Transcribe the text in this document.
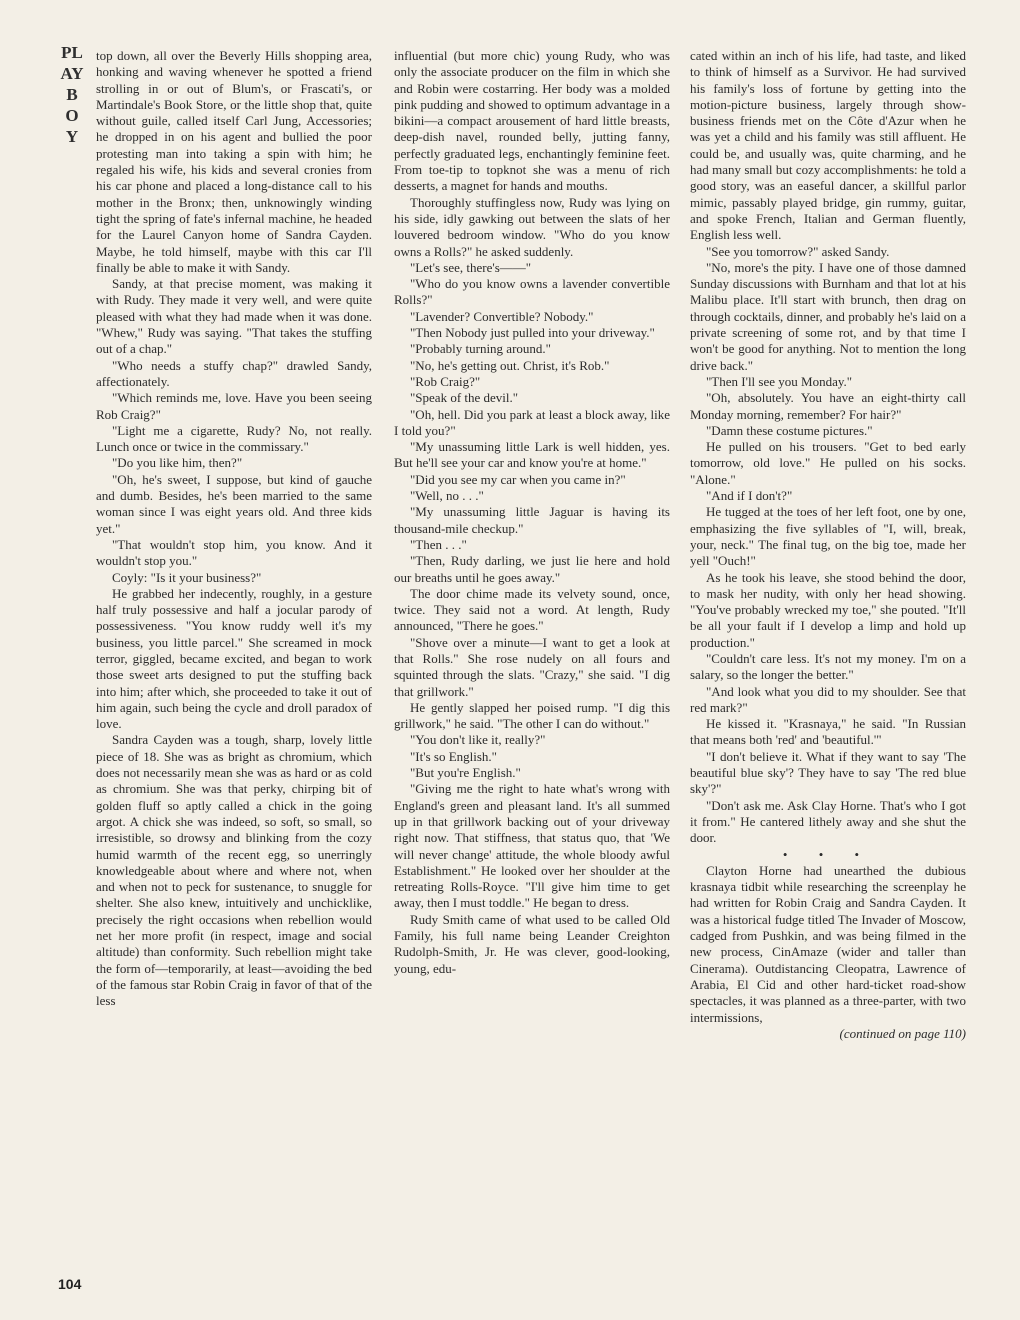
PLAYBOY

top down, all over the Beverly Hills shopping area, honking and waving whenever he spotted a friend strolling in or out of Blum's, or Frascati's, or Martindale's Book Store, or the little shop that, quite without guile, called itself Carl Jung, Accessories; he dropped in on his agent and bullied the poor protesting man into taking a spin with him; he regaled his wife, his kids and several cronies from his car phone and placed a long-distance call to his mother in the Bronx; then, unknowingly winding tight the spring of fate's infernal machine, he headed for the Laurel Canyon home of Sandra Cayden. Maybe, he told himself, maybe with this car I'll finally be able to make it with Sandy.

Sandy, at that precise moment, was making it with Rudy. They made it very well, and were quite pleased with what they had made when it was done. "Whew," Rudy was saying. "That takes the stuffing out of a chap."

"Who needs a stuffy chap?" drawled Sandy, affectionately.

"Which reminds me, love. Have you been seeing Rob Craig?"

"Light me a cigarette, Rudy? No, not really. Lunch once or twice in the commissary."

"Do you like him, then?"

"Oh, he's sweet, I suppose, but kind of gauche and dumb. Besides, he's been married to the same woman since I was eight years old. And three kids yet."

"That wouldn't stop him, you know. And it wouldn't stop you."

Coyly: "Is it your business?"

He grabbed her indecently, roughly, in a gesture half truly possessive and half a jocular parody of possessiveness. "You know ruddy well it's my business, you little parcel." She screamed in mock terror, giggled, became excited, and began to work those sweet arts designed to put the stuffing back into him; after which, she proceeded to take it out of him again, such being the cycle and droll paradox of love.

Sandra Cayden was a tough, sharp, lovely little piece of 18. She was as bright as chromium, which does not necessarily mean she was as hard or as cold as chromium. She was that perky, chirping bit of golden fluff so aptly called a chick in the going argot. A chick she was indeed, so soft, so small, so irresistible, so drowsy and blinking from the cozy humid warmth of the recent egg, so unerringly knowledgeable about where and where not, when and when not to peck for sustenance, to snuggle for shelter. She also knew, intuitively and unchicklike, precisely the right occasions when rebellion would net her more profit (in respect, image and social altitude) than conformity. Such rebellion might take the form of—temporarily, at least—avoiding the bed of the famous star Robin Craig in favor of that of the less

influential (but more chic) young Rudy, who was only the associate producer on the film in which she and Robin were costarring. Her body was a molded pink pudding and showed to optimum advantage in a bikini—a compact arousement of hard little breasts, deep-dish navel, rounded belly, jutting fanny, perfectly graduated legs, enchantingly feminine feet. From toe-tip to topknot she was a menu of rich desserts, a magnet for hands and mouths.

Thoroughly stuffingless now, Rudy was lying on his side, idly gawking out between the slats of her louvered bedroom window. "Who do you know owns a Rolls?" he asked suddenly.

"Let's see, there's——"

"Who do you know owns a lavender convertible Rolls?"

"Lavender? Convertible? Nobody."

"Then Nobody just pulled into your driveway."

"Probably turning around."

"No, he's getting out. Christ, it's Rob."

"Rob Craig?"

"Speak of the devil."

"Oh, hell. Did you park at least a block away, like I told you?"

"My unassuming little Lark is well hidden, yes. But he'll see your car and know you're at home."

"Did you see my car when you came in?"

"Well, no . . ."

"My unassuming little Jaguar is having its thousand-mile checkup."

"Then . . ."

"Then, Rudy darling, we just lie here and hold our breaths until he goes away."

The door chime made its velvety sound, once, twice. They said not a word. At length, Rudy announced, "There he goes."

"Shove over a minute—I want to get a look at that Rolls." She rose nudely on all fours and squinted through the slats. "Crazy," she said. "I dig that grillwork."

He gently slapped her poised rump. "I dig this grillwork," he said. "The other I can do without."

"You don't like it, really?"

"It's so English."

"But you're English."

"Giving me the right to hate what's wrong with England's green and pleasant land. It's all summed up in that grillwork backing out of your driveway right now. That stiffness, that status quo, that 'We will never change' attitude, the whole bloody awful Establishment." He looked over her shoulder at the retreating Rolls-Royce. "I'll give him time to get away, then I must toddle." He began to dress.

Rudy Smith came of what used to be called Old Family, his full name being Leander Creighton Rudolph-Smith, Jr. He was clever, good-looking, young, edu-

cated within an inch of his life, had taste, and liked to think of himself as a Survivor. He had survived his family's loss of fortune by getting into the motion-picture business, largely through show-business friends met on the Côte d'Azur when he was yet a child and his family was still affluent. He could be, and usually was, quite charming, and he had many small but cozy accomplishments: he told a good story, was an easeful dancer, a skillful parlor mimic, passably played bridge, gin rummy, guitar, and spoke French, Italian and German fluently, English less well.

"See you tomorrow?" asked Sandy.

"No, more's the pity. I have one of those damned Sunday discussions with Burnham and that lot at his Malibu place. It'll start with brunch, then drag on through cocktails, dinner, and probably he's laid on a private screening of some rot, and by that time I won't be good for anything. Not to mention the long drive back."

"Then I'll see you Monday."

"Oh, absolutely. You have an eight-thirty call Monday morning, remember? For hair?"

"Damn these costume pictures."

He pulled on his trousers. "Get to bed early tomorrow, old love." He pulled on his socks. "Alone."

"And if I don't?"

He tugged at the toes of her left foot, one by one, emphasizing the five syllables of "I, will, break, your, neck." The final tug, on the big toe, made her yell "Ouch!"

As he took his leave, she stood behind the door, to mask her nudity, with only her head showing. "You've probably wrecked my toe," she pouted. "It'll be all your fault if I develop a limp and hold up production."

"Couldn't care less. It's not my money. I'm on a salary, so the longer the better."

"And look what you did to my shoulder. See that red mark?"

He kissed it. "Krasnaya," he said. "In Russian that means both 'red' and 'beautiful.'"

"I don't believe it. What if they want to say 'The beautiful blue sky'? They have to say 'The red blue sky'?"

"Don't ask me. Ask Clay Horne. That's who I got it from." He cantered lithely away and she shut the door.

• • •

Clayton Horne had unearthed the dubious krasnaya tidbit while researching the screenplay he had written for Robin Craig and Sandra Cayden. It was a historical fudge titled The Invader of Moscow, cadged from Pushkin, and was being filmed in the new process, CinAmaze (wider and taller than Cinerama). Outdistancing Cleopatra, Lawrence of Arabia, El Cid and other hard-ticket road-show spectacles, it was planned as a three-parter, with two intermissions,

(continued on page 110)

104
